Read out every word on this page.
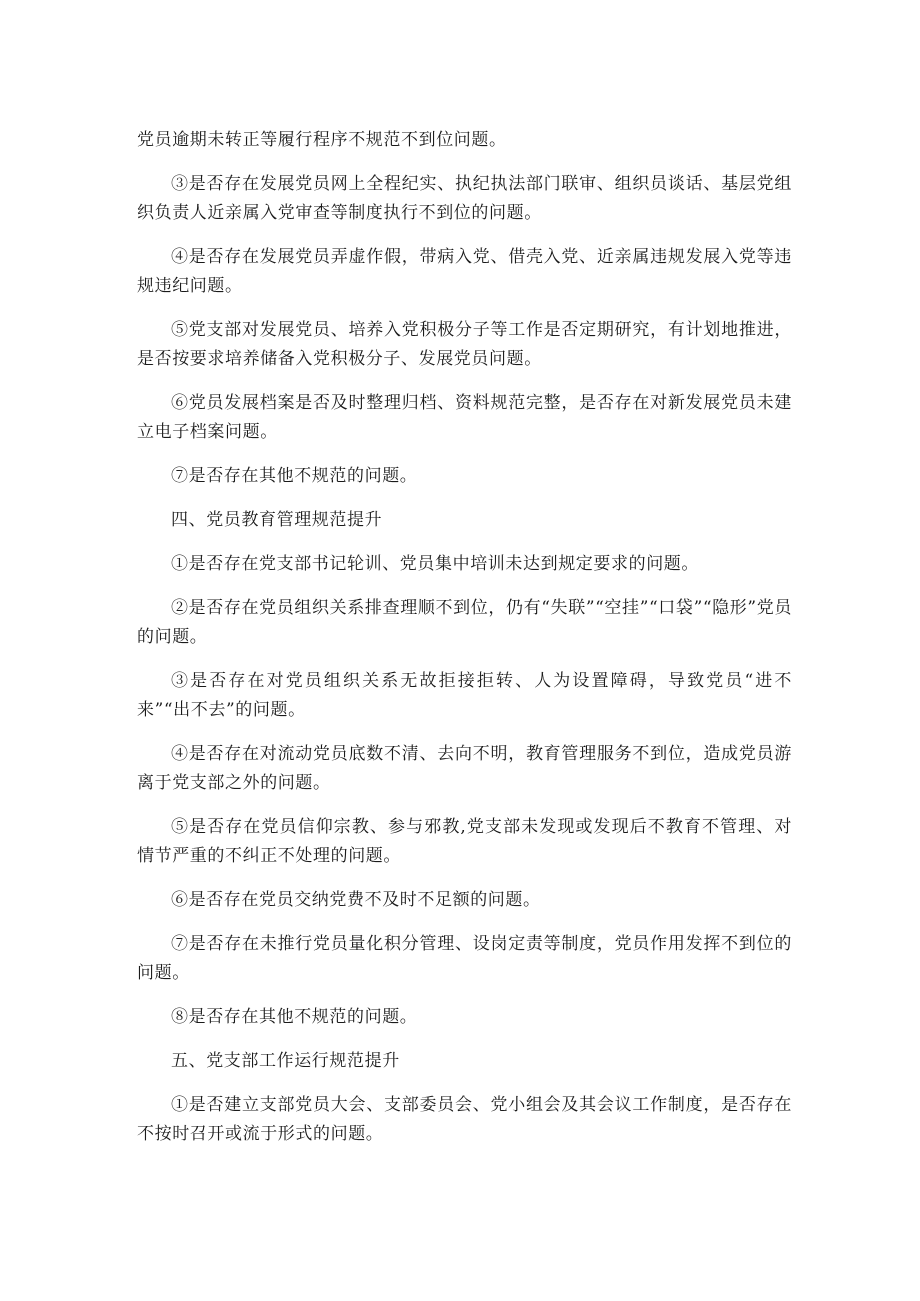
党员逾期未转正等履行程序不规范不到位问题。

③是否存在发展党员网上全程纪实、执纪执法部门联审、组织员谈话、基层党组织负责人近亲属入党审查等制度执行不到位的问题。

④是否存在发展党员弄虚作假，带病入党、借壳入党、近亲属违规发展入党等违规违纪问题。

⑤党支部对发展党员、培养入党积极分子等工作是否定期研究，有计划地推进，是否按要求培养储备入党积极分子、发展党员问题。

⑥党员发展档案是否及时整理归档、资料规范完整，是否存在对新发展党员未建立电子档案问题。

⑦是否存在其他不规范的问题。

四、党员教育管理规范提升

①是否存在党支部书记轮训、党员集中培训未达到规定要求的问题。

②是否存在党员组织关系排查理顺不到位，仍有“失联”“空挂”“口袋”“隐形”党员的问题。

③是否存在对党员组织关系无故拒接拒转、人为设置障碍，导致党员“进不来”“出不去”的问题。

④是否存在对流动党员底数不清、去向不明，教育管理服务不到位，造成党员游离于党支部之外的问题。

⑤是否存在党员信仰宗教、参与邪教,党支部未发现或发现后不教育不管理、对情节严重的不纠正不处理的问题。

⑥是否存在党员交纳党费不及时不足额的问题。

⑦是否存在未推行党员量化积分管理、设岗定责等制度，党员作用发挥不到位的问题。

⑧是否存在其他不规范的问题。

五、党支部工作运行规范提升

①是否建立支部党员大会、支部委员会、党小组会及其会议工作制度，是否存在不按时召开或流于形式的问题。
